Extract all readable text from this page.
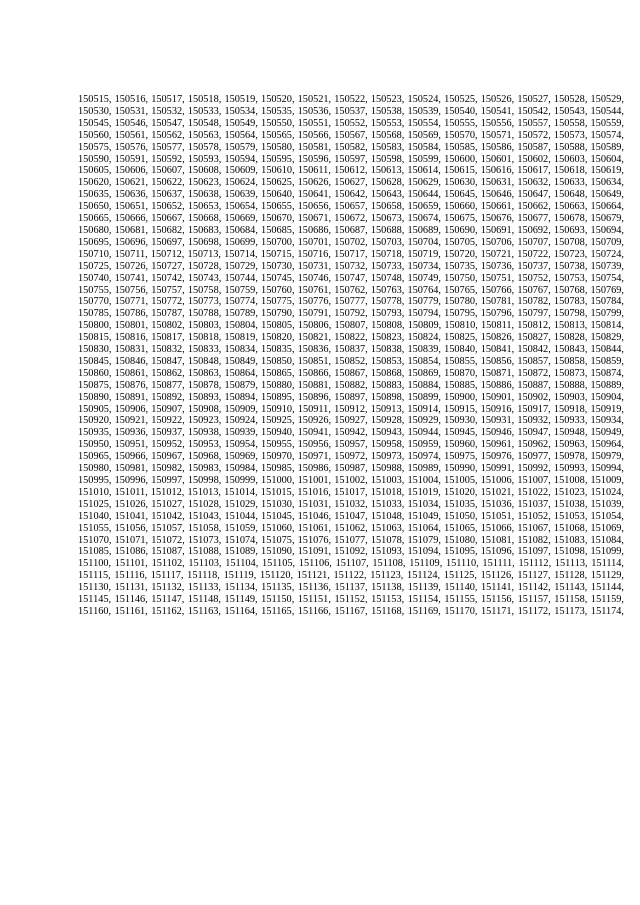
150515, 150516, 150517, 150518, 150519, 150520, 150521, 150522, 150523, 150524, 150525, 150526, 150527, 150528, 150529, 150530, 150531, 150532, 150533, 150534, 150535, 150536, 150537, 150538, 150539, 150540, 150541, 150542, 150543, 150544, 150545, 150546, 150547, 150548, 150549, 150550, 150551, 150552, 150553, 150554, 150555, 150556, 150557, 150558, 150559, 150560, 150561, 150562, 150563, 150564, 150565, 150566, 150567, 150568, 150569, 150570, 150571, 150572, 150573, 150574, 150575, 150576, 150577, 150578, 150579, 150580, 150581, 150582, 150583, 150584, 150585, 150586, 150587, 150588, 150589, 150590, 150591, 150592, 150593, 150594, 150595, 150596, 150597, 150598, 150599, 150600, 150601, 150602, 150603, 150604, 150605, 150606, 150607, 150608, 150609, 150610, 150611, 150612, 150613, 150614, 150615, 150616, 150617, 150618, 150619, 150620, 150621, 150622, 150623, 150624, 150625, 150626, 150627, 150628, 150629, 150630, 150631, 150632, 150633, 150634, 150635, 150636, 150637, 150638, 150639, 150640, 150641, 150642, 150643, 150644, 150645, 150646, 150647, 150648, 150649, 150650, 150651, 150652, 150653, 150654, 150655, 150656, 150657, 150658, 150659, 150660, 150661, 150662, 150663, 150664, 150665, 150666, 150667, 150668, 150669, 150670, 150671, 150672, 150673, 150674, 150675, 150676, 150677, 150678, 150679, 150680, 150681, 150682, 150683, 150684, 150685, 150686, 150687, 150688, 150689, 150690, 150691, 150692, 150693, 150694, 150695, 150696, 150697, 150698, 150699, 150700, 150701, 150702, 150703, 150704, 150705, 150706, 150707, 150708, 150709, 150710, 150711, 150712, 150713, 150714, 150715, 150716, 150717, 150718, 150719, 150720, 150721, 150722, 150723, 150724, 150725, 150726, 150727, 150728, 150729, 150730, 150731, 150732, 150733, 150734, 150735, 150736, 150737, 150738, 150739, 150740, 150741, 150742, 150743, 150744, 150745, 150746, 150747, 150748, 150749, 150750, 150751, 150752, 150753, 150754, 150755, 150756, 150757, 150758, 150759, 150760, 150761, 150762, 150763, 150764, 150765, 150766, 150767, 150768, 150769, 150770, 150771, 150772, 150773, 150774, 150775, 150776, 150777, 150778, 150779, 150780, 150781, 150782, 150783, 150784, 150785, 150786, 150787, 150788, 150789, 150790, 150791, 150792, 150793, 150794, 150795, 150796, 150797, 150798, 150799, 150800, 150801, 150802, 150803, 150804, 150805, 150806, 150807, 150808, 150809, 150810, 150811, 150812, 150813, 150814, 150815, 150816, 150817, 150818, 150819, 150820, 150821, 150822, 150823, 150824, 150825, 150826, 150827, 150828, 150829, 150830, 150831, 150832, 150833, 150834, 150835, 150836, 150837, 150838, 150839, 150840, 150841, 150842, 150843, 150844, 150845, 150846, 150847, 150848, 150849, 150850, 150851, 150852, 150853, 150854, 150855, 150856, 150857, 150858, 150859, 150860, 150861, 150862, 150863, 150864, 150865, 150866, 150867, 150868, 150869, 150870, 150871, 150872, 150873, 150874, 150875, 150876, 150877, 150878, 150879, 150880, 150881, 150882, 150883, 150884, 150885, 150886, 150887, 150888, 150889, 150890, 150891, 150892, 150893, 150894, 150895, 150896, 150897, 150898, 150899, 150900, 150901, 150902, 150903, 150904, 150905, 150906, 150907, 150908, 150909, 150910, 150911, 150912, 150913, 150914, 150915, 150916, 150917, 150918, 150919, 150920, 150921, 150922, 150923, 150924, 150925, 150926, 150927, 150928, 150929, 150930, 150931, 150932, 150933, 150934, 150935, 150936, 150937, 150938, 150939, 150940, 150941, 150942, 150943, 150944, 150945, 150946, 150947, 150948, 150949, 150950, 150951, 150952, 150953, 150954, 150955, 150956, 150957, 150958, 150959, 150960, 150961, 150962, 150963, 150964, 150965, 150966, 150967, 150968, 150969, 150970, 150971, 150972, 150973, 150974, 150975, 150976, 150977, 150978, 150979, 150980, 150981, 150982, 150983, 150984, 150985, 150986, 150987, 150988, 150989, 150990, 150991, 150992, 150993, 150994, 150995, 150996, 150997, 150998, 150999, 151000, 151001, 151002, 151003, 151004, 151005, 151006, 151007, 151008, 151009, 151010, 151011, 151012, 151013, 151014, 151015, 151016, 151017, 151018, 151019, 151020, 151021, 151022, 151023, 151024, 151025, 151026, 151027, 151028, 151029, 151030, 151031, 151032, 151033, 151034, 151035, 151036, 151037, 151038, 151039, 151040, 151041, 151042, 151043, 151044, 151045, 151046, 151047, 151048, 151049, 151050, 151051, 151052, 151053, 151054, 151055, 151056, 151057, 151058, 151059, 151060, 151061, 151062, 151063, 151064, 151065, 151066, 151067, 151068, 151069, 151070, 151071, 151072, 151073, 151074, 151075, 151076, 151077, 151078, 151079, 151080, 151081, 151082, 151083, 151084, 151085, 151086, 151087, 151088, 151089, 151090, 151091, 151092, 151093, 151094, 151095, 151096, 151097, 151098, 151099, 151100, 151101, 151102, 151103, 151104, 151105, 151106, 151107, 151108, 151109, 151110, 151111, 151112, 151113, 151114, 151115, 151116, 151117, 151118, 151119, 151120, 151121, 151122, 151123, 151124, 151125, 151126, 151127, 151128, 151129, 151130, 151131, 151132, 151133, 151134, 151135, 151136, 151137, 151138, 151139, 151140, 151141, 151142, 151143, 151144, 151145, 151146, 151147, 151148, 151149, 151150, 151151, 151152, 151153, 151154, 151155, 151156, 151157, 151158, 151159, 151160, 151161, 151162, 151163, 151164, 151165, 151166, 151167, 151168, 151169, 151170, 151171, 151172, 151173, 151174,
